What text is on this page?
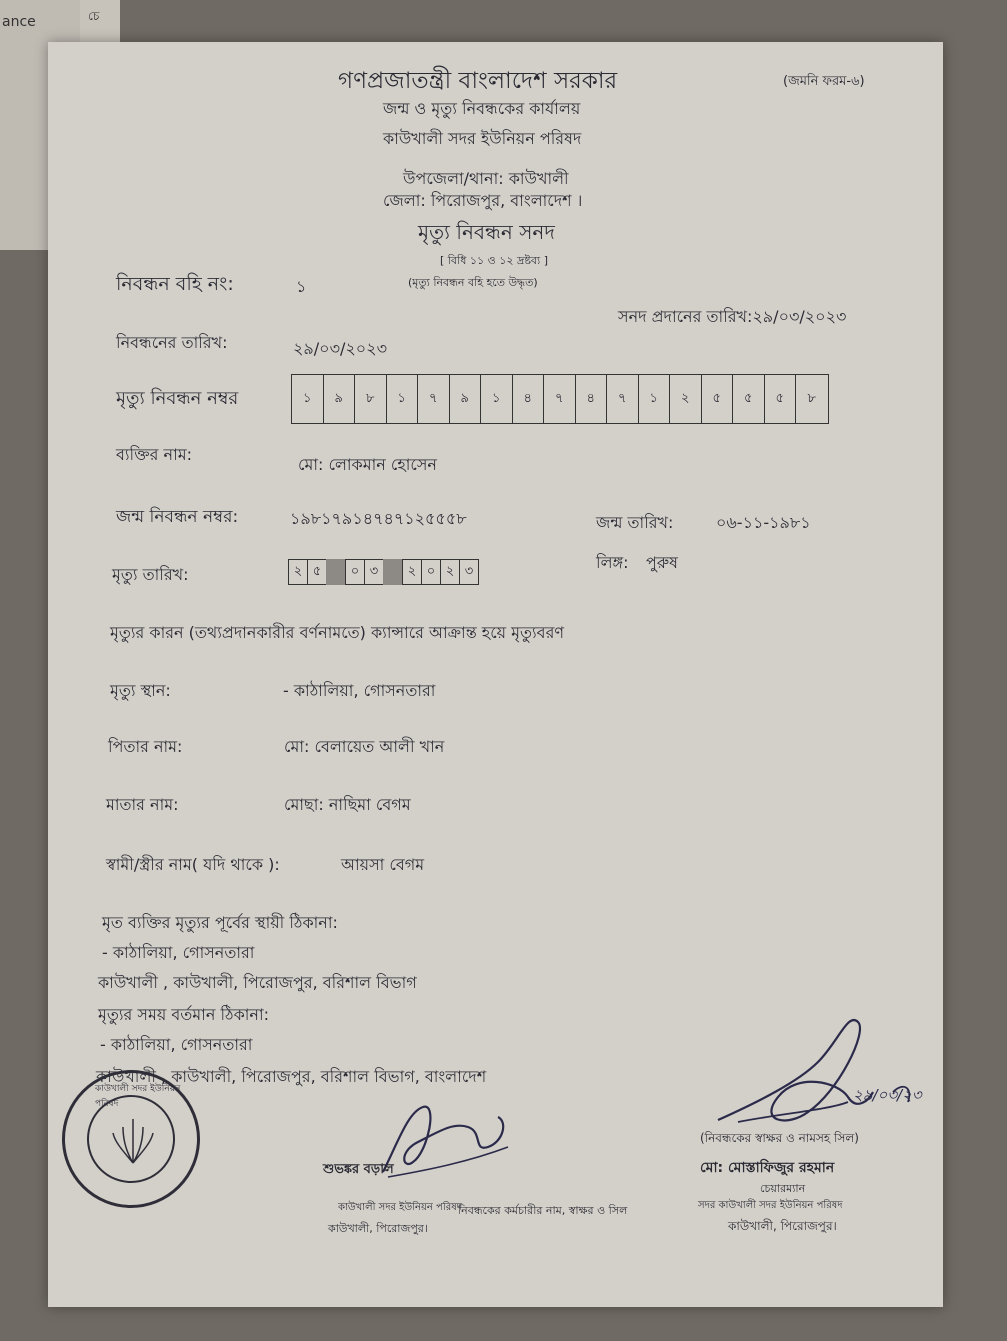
ance	চে
গণপ্রজাতন্ত্রী বাংলাদেশ সরকার	(জমনি ফরম-৬)
জন্ম ও মৃত্যু নিবন্ধকের কার্যালয়
কাউখালী সদর ইউনিয়ন পরিষদ
উপজেলা/থানা: কাউখালী
জেলা: পিরোজপুর, বাংলাদেশ ।
মৃত্যু নিবন্ধন সনদ
[ বিধি ১১ ও ১২ দ্রষ্টব্য ]
(মৃত্যু নিবন্ধন বহি হতে উদ্ধৃত)
নিবন্ধন বহি নং:	১
সনদ প্রদানের তারিখ:২৯/০৩/২০২৩
নিবন্ধনের তারিখ:	২৯/০৩/২০২৩
মৃত্যু নিবন্ধন নম্বর	১	৯	৮	১	৭	৯	১	৪	৭	৪	৭	১	২	৫	৫	৫	৮
ব্যক্তির নাম:
মো: লোকমান হোসেন
জন্ম নিবন্ধন নম্বর:	১৯৮১৭৯১৪৭৪৭১২৫৫৫৮	জন্ম তারিখ:	০৬-১১-১৯৮১
মৃত্যু তারিখ:	২ ৫	০ ৩	২ ০ ২ ৩	লিঙ্গ: পুরুষ
মৃত্যুর কারন (তথ্যপ্রদানকারীর বর্ণনামতে) ক্যান্সারে আক্রান্ত হয়ে মৃত্যুবরণ
মৃত্যু স্থান:	- কাঠালিয়া, গোসনতারা
পিতার নাম:	মো: বেলায়েত আলী খান
মাতার নাম:	মোছা: নাছিমা বেগম
স্বামী/স্ত্রীর নাম( যদি থাকে ):	আয়সা বেগম
মৃত ব্যক্তির মৃত্যুর পূর্বের স্থায়ী ঠিকানা:
- কাঠালিয়া, গোসনতারা
কাউখালী , কাউখালী, পিরোজপুর, বরিশাল বিভাগ
মৃত্যুর সময় বর্তমান ঠিকানা:
- কাঠালিয়া, গোসনতারা
কাউখালী , কাউখালী, পিরোজপুর, বরিশাল বিভাগ, বাংলাদেশ
২৯/০৩/২৩
(নিবন্ধকের স্বাক্ষর ও নামসহ সিল)
মো: মোস্তাফিজুর রহমান
চেয়ারম্যান
সদর কাউখালী সদর ইউনিয়ন পরিষদ
কাউখালী, পিরোজপুর।
শুভঙ্কর বড়াল
নিবন্ধকের কর্মচারীর নাম, স্বাক্ষর ও সিল
কাউখালী সদর ইউনিয়ন পরিষদ
কাউখালী, পিরোজপুর।
কাউখালী সদর ইউনিয়ন পরিষদ
